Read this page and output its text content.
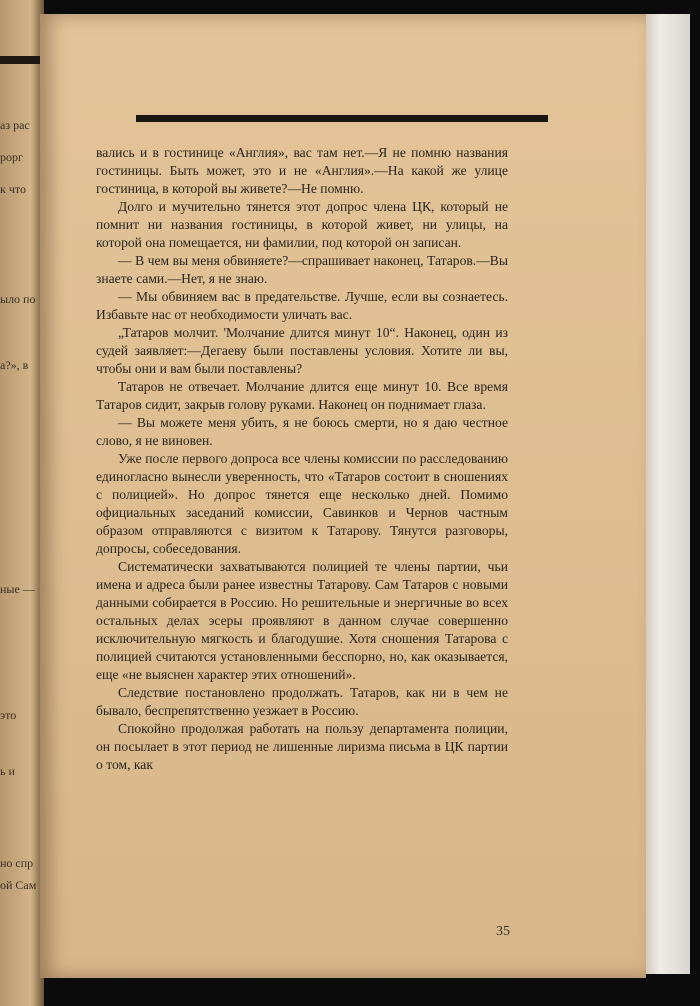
аз рас
рорг
к что
ыло по
а?», в
ные —
это
ь и
но спр
ой Сам

вались и в гостинице «Англия», вас там нет.—Я не помню названия гостиницы. Быть может, это и не «Англия».—На какой же улице гостиница, в которой вы живете?—Не помню.

Долго и мучительно тянется этот допрос члена ЦК, который не помнит ни названия гостиницы, в которой живет, ни улицы, на которой она помещается, ни фамилии, под которой он записан.

— В чем вы меня обвиняете?—спрашивает наконец, Татаров.—Вы знаете сами.—Нет, я не знаю.

— Мы обвиняем вас в предательстве. Лучше, если вы сознаетесь. Избавьте нас от необходимости уличать вас.

„Татаров молчит. 'Молчание длится минут 10“. Наконец, один из судей заявляет:—Дегаеву были поставлены условия. Хотите ли вы, чтобы они и вам были поставлены?

Татаров не отвечает. Молчание длится еще минут 10. Все время Татаров сидит, закрыв голову руками. Наконец он поднимает глаза.

— Вы можете меня убить, я не боюсь смерти, но я даю честное слово, я не виновен.

Уже после первого допроса все члены комиссии по расследованию единогласно вынесли уверенность, что «Татаров состоит в сношениях с полицией». Но допрос тянется еще несколько дней. Помимо официальных заседаний комиссии, Савинков и Чернов частным образом отправляются с визитом к Татарову. Тянутся разговоры, допросы, собеседования.

Систематически захватываются полицией те члены партии, чьи имена и адреса были ранее известны Татарову. Сам Татаров с новыми данными собирается в Россию. Но решительные и энергичные во всех остальных делах эсеры проявляют в данном случае совершенно исключительную мягкость и благодушие. Хотя сношения Татарова с полицией считаются установленными бесспорно, но, как оказывается, еще «не выяснен характер этих отношений».

Следствие постановлено продолжать. Татаров, как ни в чем не бывало, беспрепятственно уезжает в Россию.

Спокойно продолжая работать на пользу департамента полиции, он посылает в этот период не лишенные лиризма письма в ЦК партии о том, как

35
